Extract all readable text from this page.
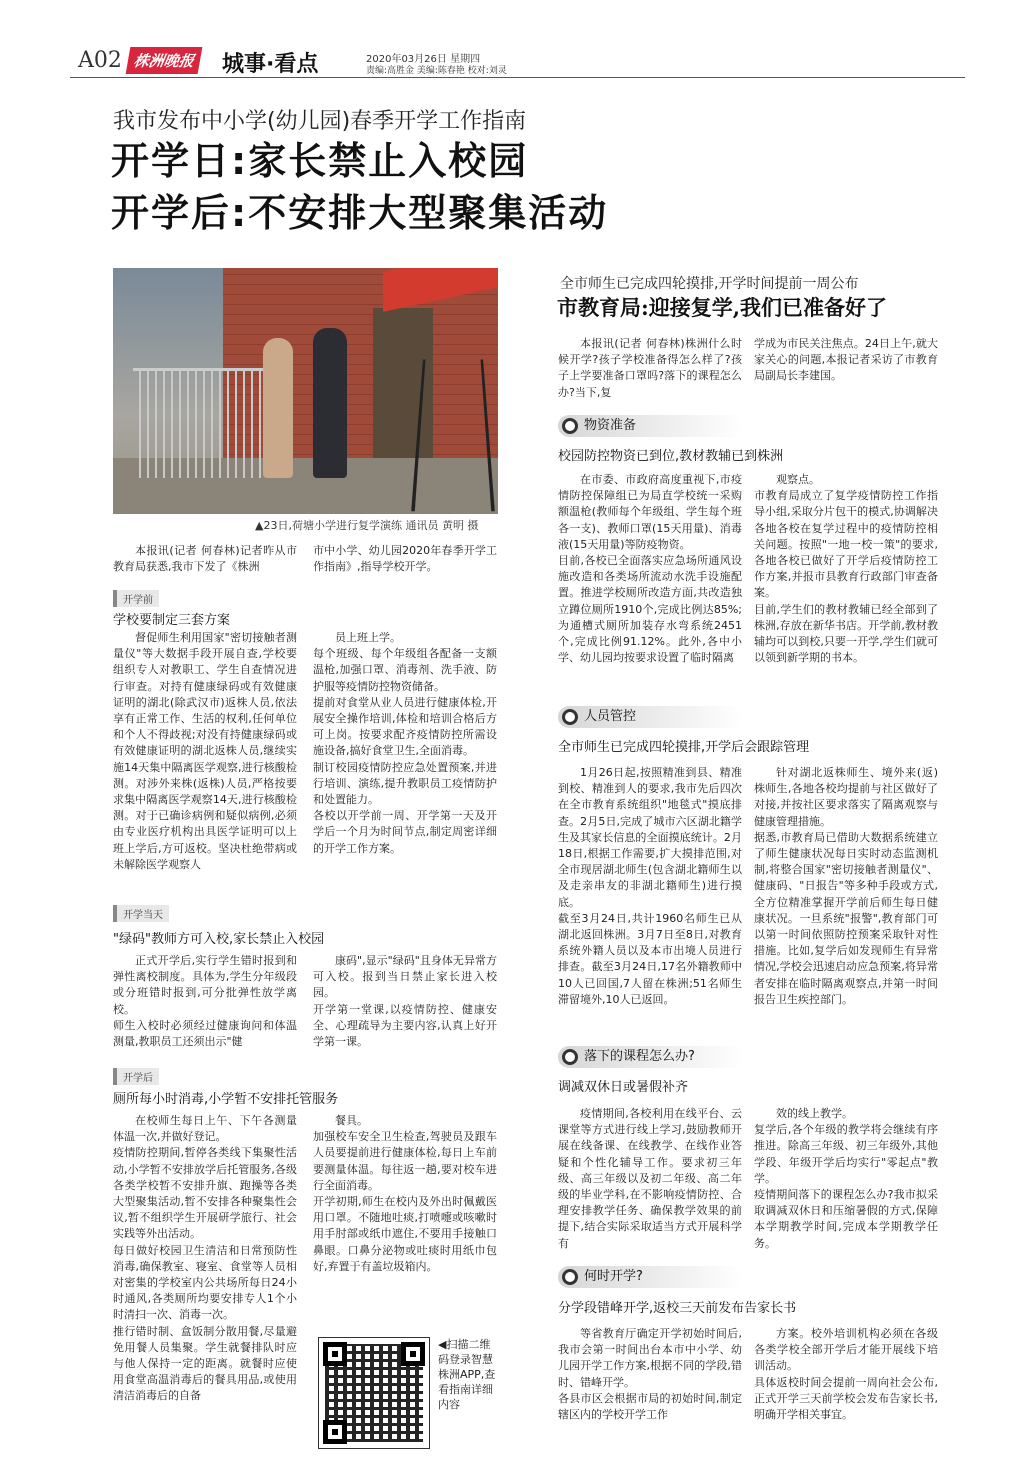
A02 株洲晚报	城事·看点	2020年03月26日 星期四
责编:高胜金 美编:陈春艳 校对:刘灵
我市发布中小学(幼儿园)春季开学工作指南
开学日:家长禁止入校园
开学后:不安排大型聚集活动
▲23日,荷塘小学进行复学演练 通讯员 黄明 摄
本报讯(记者 何春林)记者昨从市教育局获悉,我市下发了《株洲
市中小学、幼儿园2020年春季开学工作指南》,指导学校开学。
开学前
学校要制定三套方案
督促师生利用国家"密切接触者测量仪"等大数据手段开展自查,学校要组织专人对教职工、学生自查情况进行审查。对持有健康绿码或有效健康证明的湖北(除武汉市)返株人员,依法享有正常工作、生活的权利,任何单位和个人不得歧视;对没有持健康绿码或有效健康证明的湖北返株人员,继续实施14天集中隔离医学观察,进行核酸检测。对涉外来株(返株)人员,严格按要求集中隔离医学观察14天,进行核酸检测。对于已确诊病例和疑似病例,必须由专业医疗机构出具医学证明可以上班上学后,方可返校。坚决杜绝带病或未解除医学观察人
员上班上学。
每个班级、每个年级组各配备一支额温枪,加强口罩、消毒剂、洗手液、防护服等疫情防控物资储备。
提前对食堂从业人员进行健康体检,开展安全操作培训,体检和培训合格后方可上岗。按要求配齐疫情防控所需设施设备,搞好食堂卫生,全面消毒。
制订校园疫情防控应急处置预案,并进行培训、演练,提升教职员工疫情防护和处置能力。
各校以开学前一周、开学第一天及开学后一个月为时间节点,制定周密详细的开学工作方案。
开学当天
"绿码"教师方可入校,家长禁止入校园
正式开学后,实行学生错时报到和弹性离校制度。具体为,学生分年级段或分班错时报到,可分批弹性放学离校。
师生入校时必须经过健康询问和体温测量,教职员工还须出示"健
康码",显示"绿码"且身体无异常方可入校。报到当日禁止家长进入校园。
开学第一堂课,以疫情防控、健康安全、心理疏导为主要内容,认真上好开学第一课。
开学后
厕所每小时消毒,小学暂不安排托管服务
在校师生每日上午、下午各测量体温一次,并做好登记。
疫情防控期间,暂停各类线下集聚性活动,小学暂不安排放学后托管服务,各级各类学校暂不安排升旗、跑操等各类大型聚集活动,暂不安排各种聚集性会议,暂不组织学生开展研学旅行、社会实践等外出活动。
每日做好校园卫生清洁和日常预防性消毒,确保教室、寝室、食堂等人员相对密集的学校室内公共场所每日24小时通风,各类厕所均要安排专人1个小时清扫一次、消毒一次。
推行错时制、盒饭制分散用餐,尽量避免用餐人员集聚。学生就餐排队时应与他人保持一定的距离。就餐时应使用食堂高温消毒后的餐具用品,或使用清洁消毒后的自备
餐具。
加强校车安全卫生检查,驾驶员及跟车人员要提前进行健康体检,每日上车前要测量体温。每往返一趟,要对校车进行全面消毒。
开学初期,师生在校内及外出时佩戴医用口罩。不随地吐痰,打喷嚏或咳嗽时用手肘部或纸巾遮住,不要用手接触口鼻眼。口鼻分泌物或吐痰时用纸巾包好,弃置于有盖垃圾箱内。
◀扫描二维码登录智慧株洲APP,查看指南详细内容
全市师生已完成四轮摸排,开学时间提前一周公布
市教育局:迎接复学,我们已准备好了
本报讯(记者 何春林)株洲什么时候开学?孩子学校准备得怎么样了?孩子上学要准备口罩吗?落下的课程怎么办?当下,复
学成为市民关注焦点。24日上午,就大家关心的问题,本报记者采访了市教育局副局长李建国。
物资准备
校园防控物资已到位,教材教辅已到株洲
在市委、市政府高度重视下,市疫情防控保障组已为局直学校统一采购额温枪(教师每个年级组、学生每个班各一支)、教师口罩(15天用量)、消毒液(15天用量)等防疫物资。
目前,各校已全面落实应急场所通风设施改造和各类场所流动水洗手设施配置。推进学校厕所改造方面,共改造独立蹲位厕所1910个,完成比例达85%;为通槽式厕所加装存水弯系统2451个,完成比例91.12%。此外,各中小学、幼儿园均按要求设置了临时隔离
观察点。
市教育局成立了复学疫情防控工作指导小组,采取分片包干的模式,协调解决各地各校在复学过程中的疫情防控相关问题。按照"一地一校一策"的要求,各地各校已做好了开学后疫情防控工作方案,并报市县教育行政部门审查备案。
目前,学生们的教材教辅已经全部到了株洲,存放在新华书店。开学前,教材教辅均可以到校,只要一开学,学生们就可以领到新学期的书本。
人员管控
全市师生已完成四轮摸排,开学后会跟踪管理
1月26日起,按照精准到县、精准到校、精准到人的要求,我市先后四次在全市教育系统组织"地毯式"摸底排查。2月5日,完成了城市六区湖北籍学生及其家长信息的全面摸底统计。2月18日,根据工作需要,扩大摸排范围,对全市现居湖北师生(包含湖北籍师生以及走亲串友的非湖北籍师生)进行摸底。
截至3月24日,共计1960名师生已从湖北返回株洲。3月7日至8日,对教育系统外籍人员以及本市出境人员进行排查。截至3月24日,17名外籍教师中10人已回国,7人留在株洲;51名师生滞留境外,10人已返回。
针对湖北返株师生、境外来(返)株师生,各地各校均提前与社区做好了对接,并按社区要求落实了隔离观察与健康管理措施。
据悉,市教育局已借助大数据系统建立了师生健康状况每日实时动态监测机制,将整合国家"密切接触者测量仪"、健康码、"日报告"等多种手段或方式,全方位精准掌握开学前后师生每日健康状况。一旦系统"报警",教育部门可以第一时间依照防控预案采取针对性措施。比如,复学后如发现师生有异常情况,学校会迅速启动应急预案,将异常者安排在临时隔离观察点,并第一时间报告卫生疾控部门。
落下的课程怎么办?
调减双休日或暑假补齐
疫情期间,各校利用在线平台、云课堂等方式进行线上学习,鼓励教师开展在线备课、在线教学、在线作业答疑和个性化辅导工作。要求初三年级、高三年级以及初二年级、高二年级的毕业学科,在不影响疫情防控、合理安排教学任务、确保教学效果的前提下,结合实际采取适当方式开展科学有
效的线上教学。
复学后,各个年级的教学将会继续有序推进。除高三年级、初三年级外,其他学段、年级开学后均实行"零起点"教学。
疫情期间落下的课程怎么办?我市拟采取调减双休日和压缩暑假的方式,保障本学期教学时间,完成本学期教学任务。
何时开学?
分学段错峰开学,返校三天前发布告家长书
等省教育厅确定开学初始时间后,我市会第一时间出台本市中小学、幼儿园开学工作方案,根据不同的学段,错时、错峰开学。
各县市区会根据市局的初始时间,制定辖区内的学校开学工作
方案。校外培训机构必须在各级各类学校全部开学后才能开展线下培训活动。
具体返校时间会提前一周向社会公布,正式开学三天前学校会发布告家长书,明确开学相关事宜。
